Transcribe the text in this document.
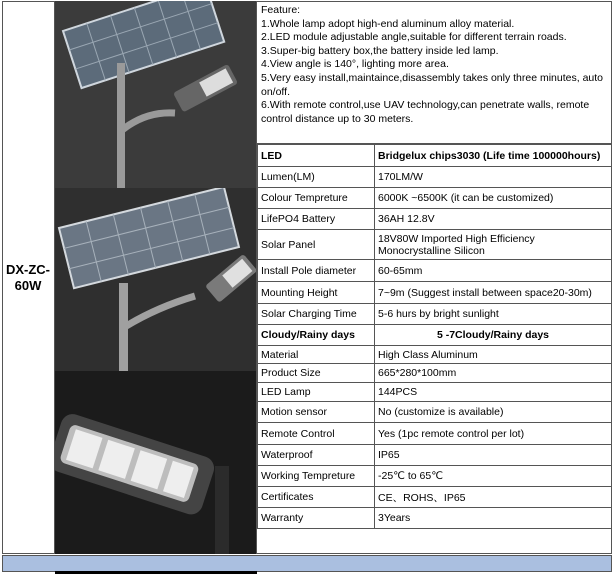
DX-ZC-
60W
Feature:
1.Whole lamp adopt high-end aluminum alloy material.
2.LED module adjustable angle,suitable for different terrain roads.
3.Super-big battery box,the battery inside led lamp.
4.View angle is 140°, lighting more area.
5.Very easy install,maintaince,disassembly takes only three minutes, auto on/off.
6.With remote control,use UAV technology,can penetrate walls, remote control distance up to 30 meters.
LED	Bridgelux chips3030 (Life time 100000hours)
Lumen(LM)	170LM/W
Colour Tempreture	6000K ~6500K (it can be customized)
LifePO4 Battery	36AH 12.8V
Solar Panel	18V80W Imported High Efficiency Monocrystalline Silicon
Install Pole diameter	60-65mm
Mounting Height	7~9m (Suggest install between space20-30m)
Solar Charging Time	5-6 hurs by bright sunlight
Cloudy/Rainy days	5 -7Cloudy/Rainy days
Material	High Class Aluminum
Product Size	665*280*100mm
LED Lamp	144PCS
Motion sensor	No (customize is available)
Remote Control	Yes (1pc remote control per lot)
Waterproof	IP65
Working Tempreture	-25℃ to 65℃
Certificates	CE、ROHS、IP65
Warranty	3Years
